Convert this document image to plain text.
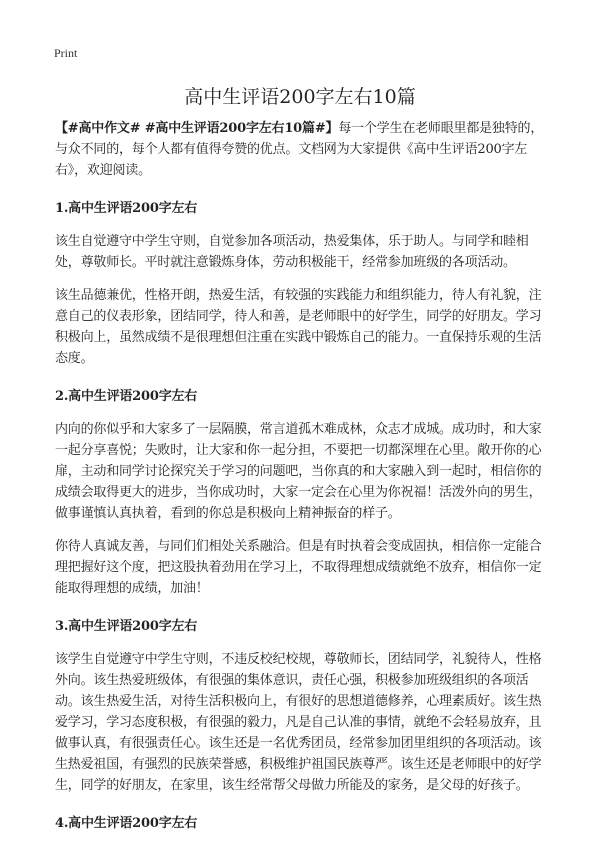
Print
高中生评语200字左右10篇

【#高中作文# #高中生评语200字左右10篇#】每一个学生在老师眼里都是独特的，与众不同的，每个人都有值得夸赞的优点。文档网为大家提供《高中生评语200字左右》，欢迎阅读。

1.高中生评语200字左右

该生自觉遵守中学生守则，自觉参加各项活动，热爱集体，乐于助人。与同学和睦相处，尊敬师长。平时就注意锻炼身体，劳动积极能干，经常参加班级的各项活动。

该生品德兼优，性格开朗，热爱生活，有较强的实践能力和组织能力，待人有礼貌，注意自己的仪表形象，团结同学，待人和善，是老师眼中的好学生，同学的好朋友。学习积极向上，虽然成绩不是很理想但注重在实践中锻炼自己的能力。一直保持乐观的生活态度。

2.高中生评语200字左右

内向的你似乎和大家多了一层隔膜，常言道孤木难成林，众志才成城。成功时，和大家一起分享喜悦；失败时，让大家和你一起分担，不要把一切都深埋在心里。敞开你的心扉，主动和同学讨论探究关于学习的问题吧，当你真的和大家融入到一起时，相信你的成绩会取得更大的进步，当你成功时，大家一定会在心里为你祝福！活泼外向的男生，做事谨慎认真执着，看到的你总是积极向上精神振奋的样子。

你待人真诚友善，与同们们相处关系融洽。但是有时执着会变成固执，相信你一定能合理把握好这个度，把这股执着劲用在学习上，不取得理想成绩就绝不放弃，相信你一定能取得理想的成绩，加油！

3.高中生评语200字左右

该学生自觉遵守中学生守则，不违反校纪校规，尊敬师长，团结同学，礼貌待人，性格外向。该生热爱班级体，有很强的集体意识，责任心强，积极参加班级组织的各项活动。该生热爱生活，对待生活积极向上，有很好的思想道德修养，心理素质好。该生热爱学习，学习态度积极，有很强的毅力，凡是自己认准的事情，就绝不会轻易放弃，且做事认真，有很强责任心。该生还是一名优秀团员，经常参加团里组织的各项活动。该生热爱祖国，有强烈的民族荣誉感，积极维护祖国民族尊严。该生还是老师眼中的好学生，同学的好朋友，在家里，该生经常帮父母做力所能及的家务，是父母的好孩子。

4.高中生评语200字左右
